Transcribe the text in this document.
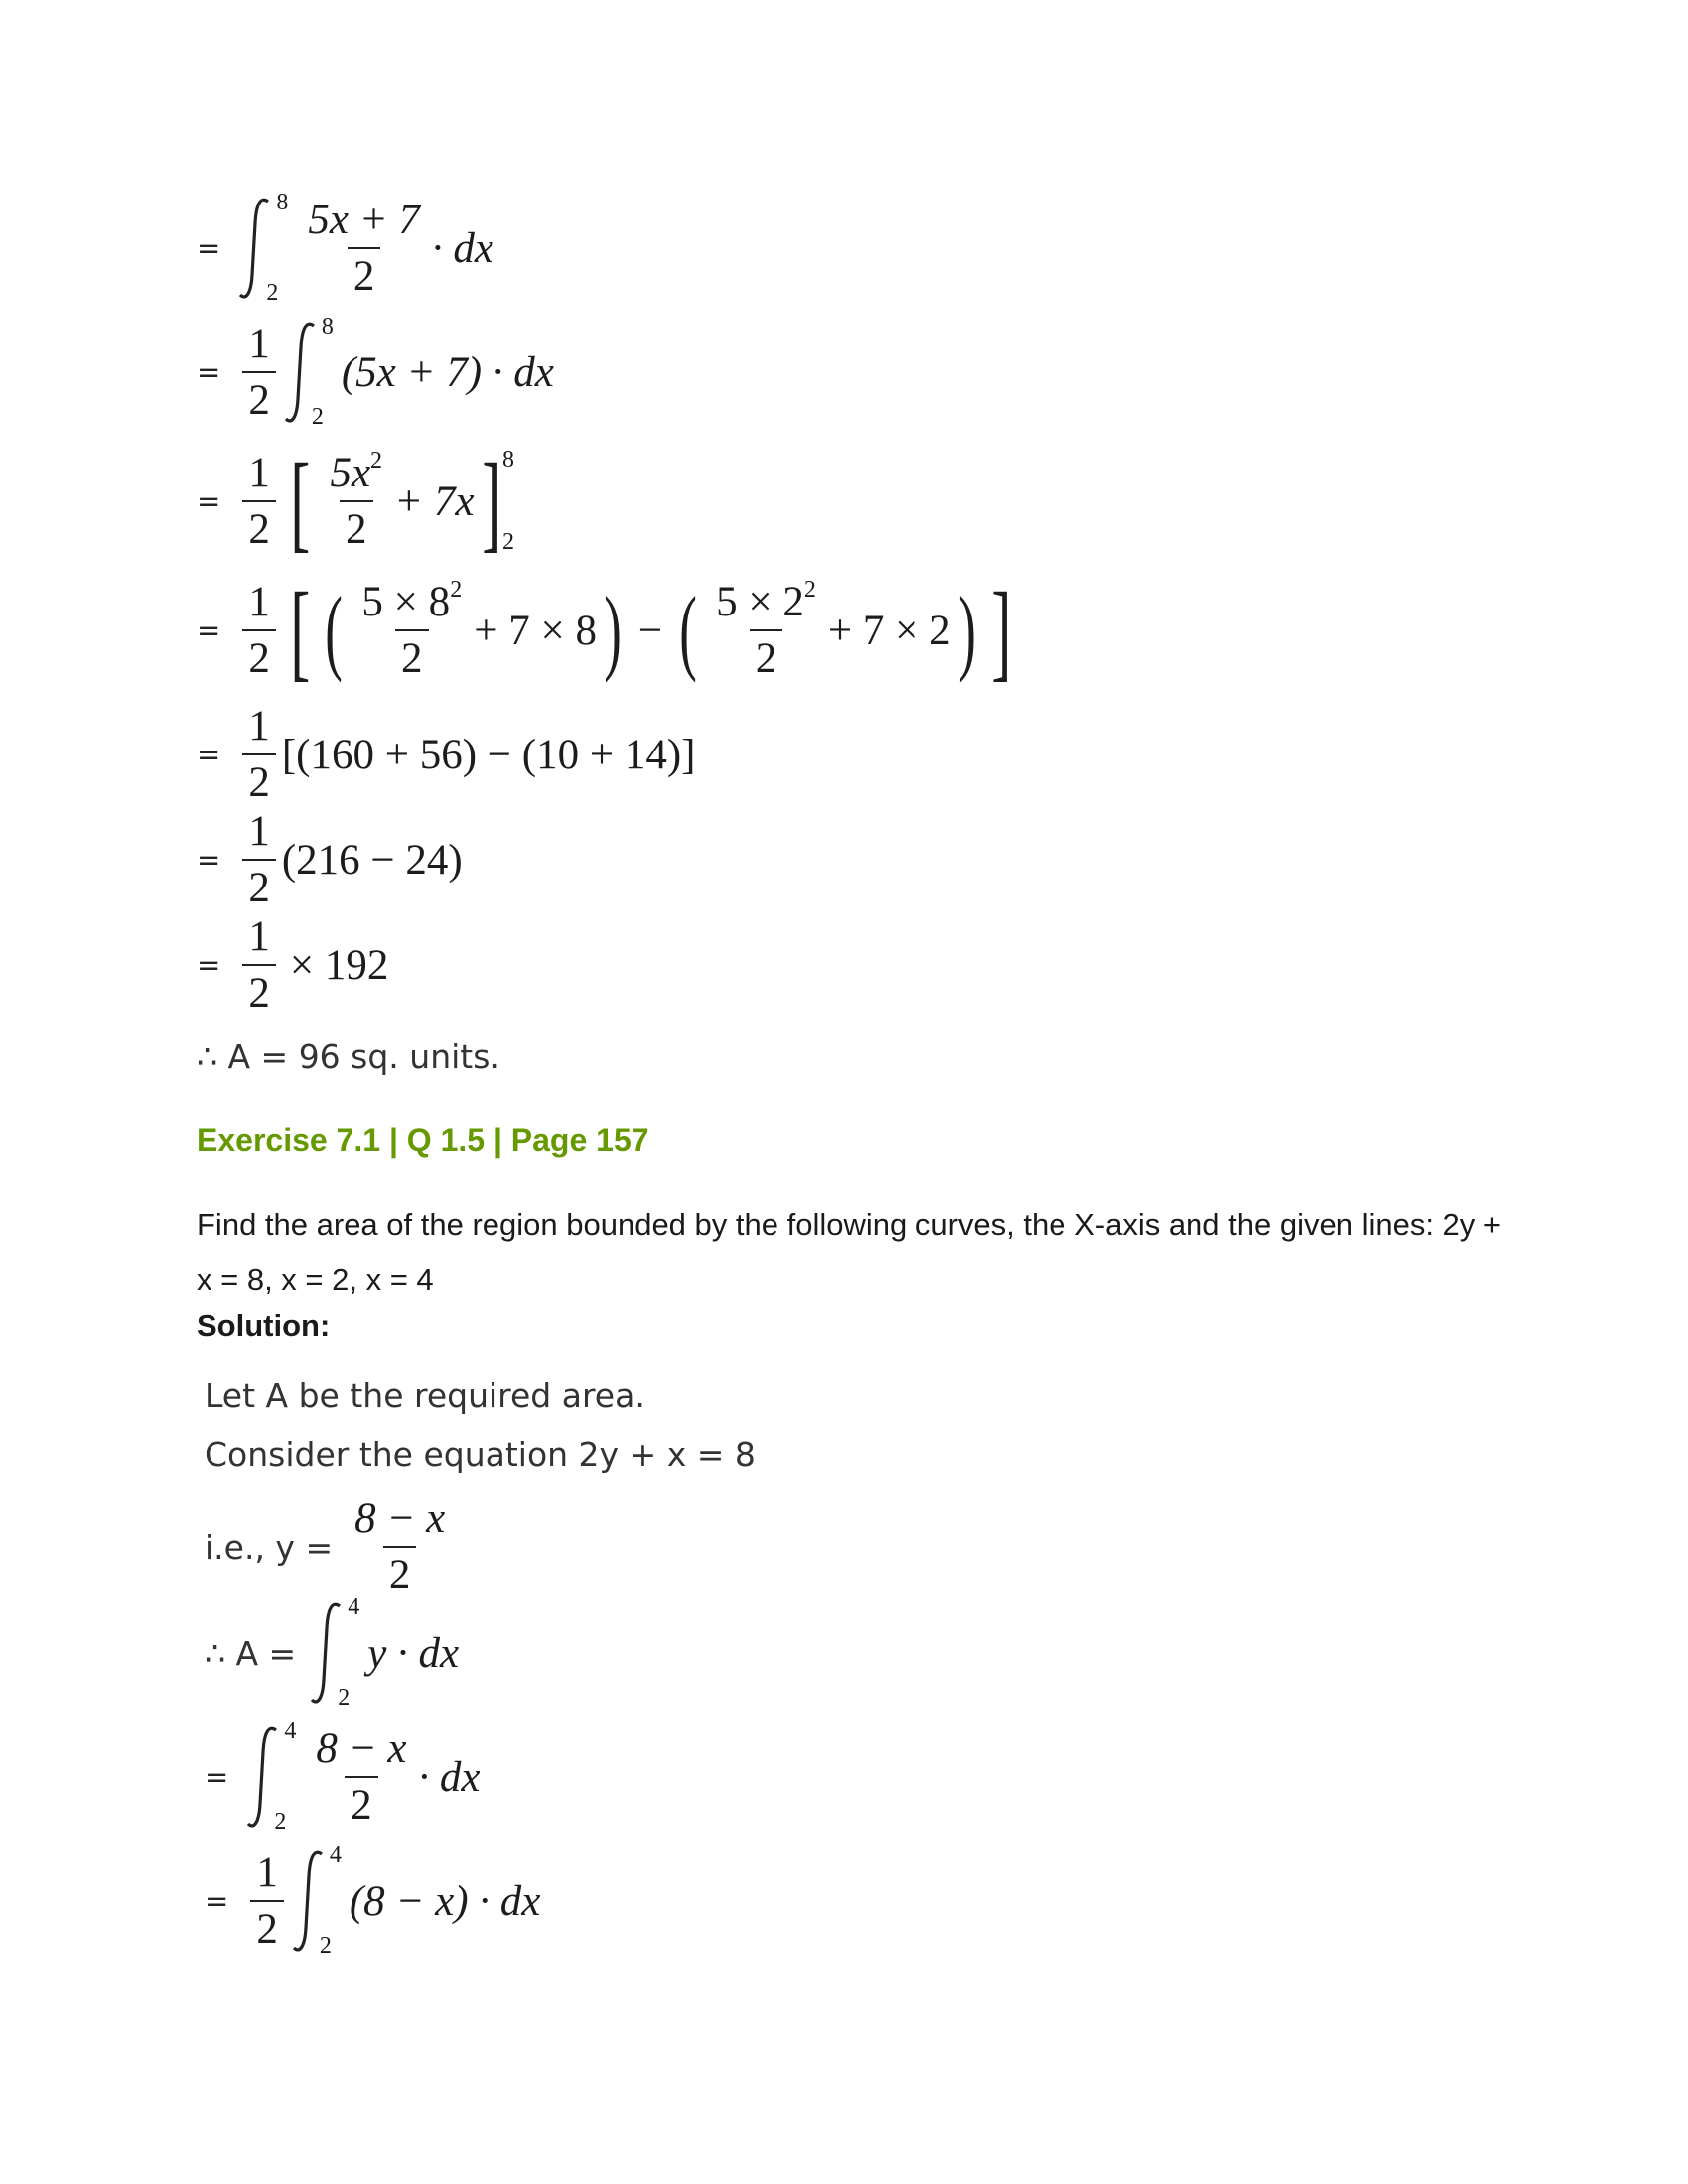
=
8
$2 \frac{5x + 7}{2}$ · dx
= $\frac{1}{2} 8$
2
(5x + 7) · dx
= $\frac{1}{2}$ [ $\frac{5x^2}{2} + 7x$ ] 8
2
= $\frac{1}{2}$ [ ( $\frac{5 \times 8^2}{2} + 7 \times 8$ ) − ( $\frac{5 \times 2^2}{2} + 7 \times 2$ ) ]
= $\frac{1}{2} [(160 + 56) - (10 + 14)]$
= $\frac{1}{2} (216 - 24)$
= $\frac{1}{2} \times 192$
∴ A = 96 sq. units.
Exercise 7.1 | Q 1.5 | Page 157
Find the area of the region bounded by the following curves, the X-axis and the given lines: 2y + x = 8, x = 2, x = 4
Solution:
Let A be the required area.
Consider the equation 2y + x = 8
i.e., $y = \frac{8 - x}{2}$
∴ A =
4
2
y · dx
=
4
$2 \frac{8 - x}{2}$ · dx
= $\frac{1}{2} 4$
2
(8 − x) · dx
